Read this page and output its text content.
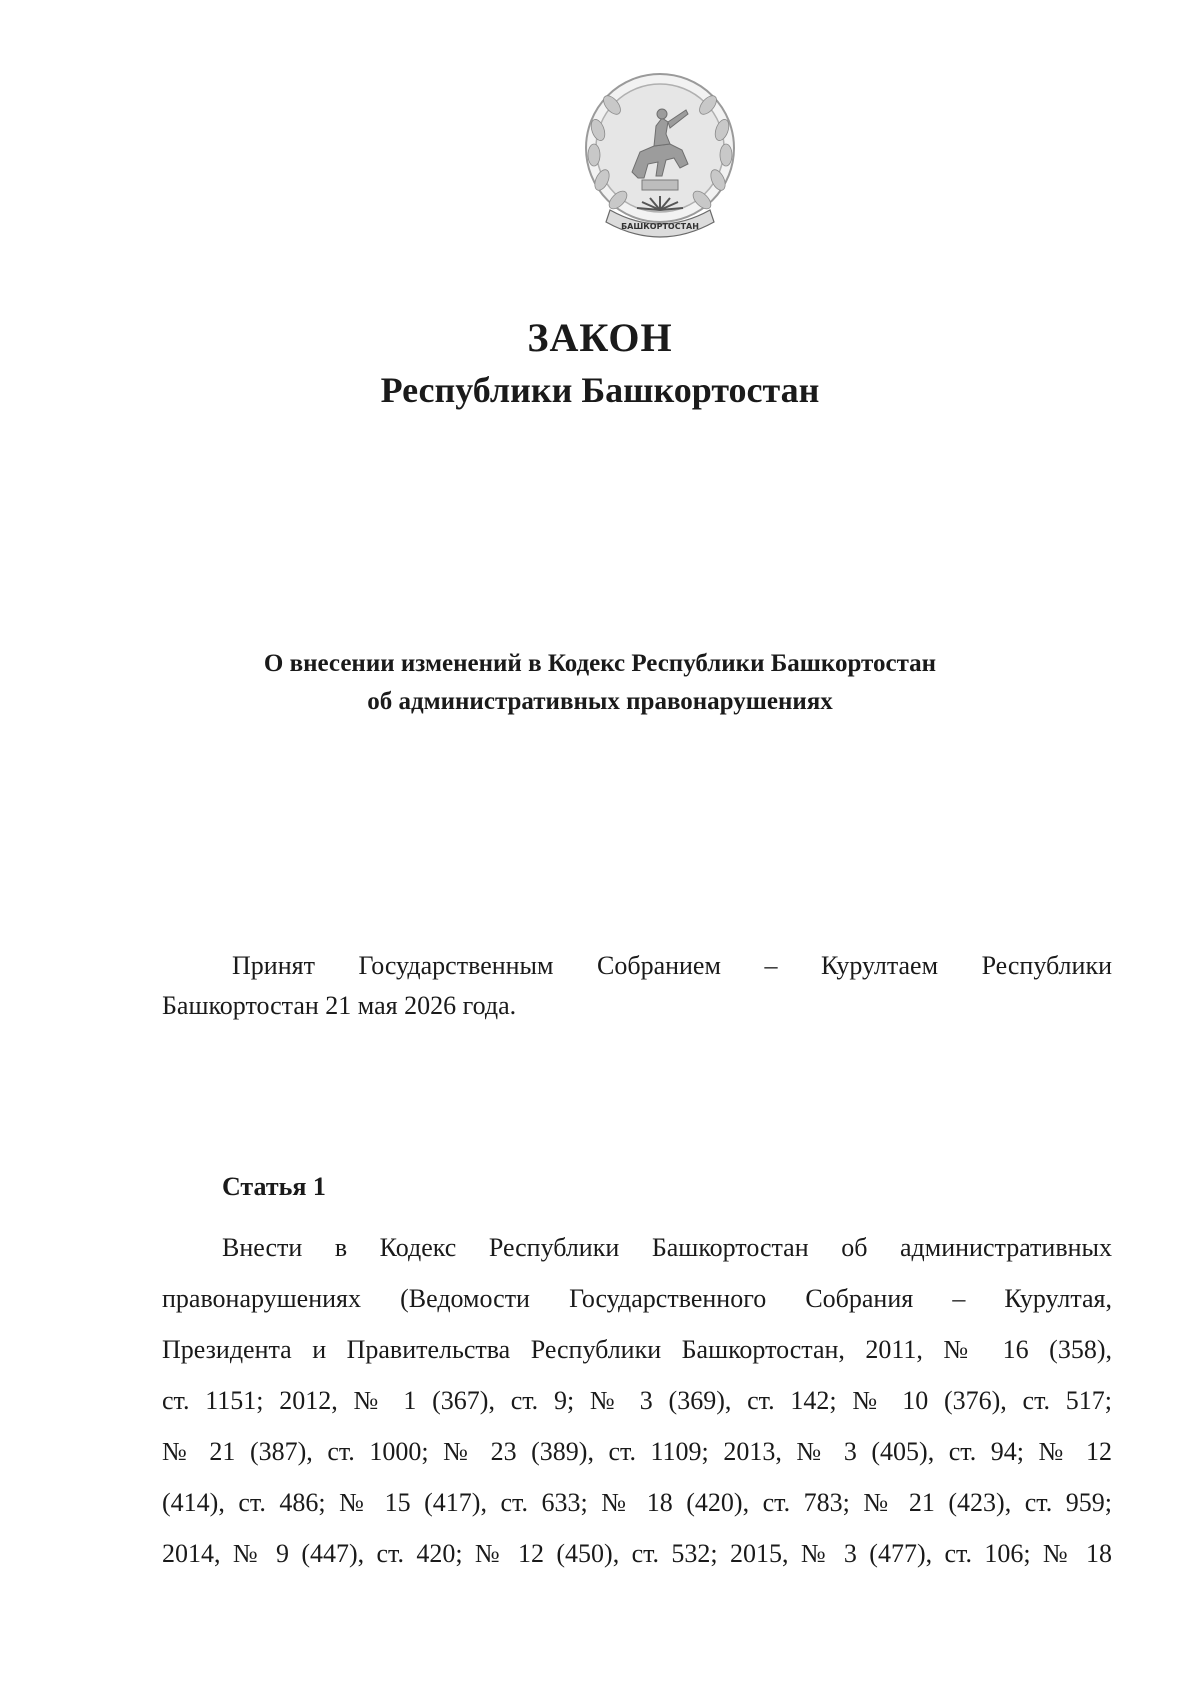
БАШКОРТОСТАН
ЗАКОН
Республики Башкортостан
О внесении изменений в Кодекс Республики Башкортостан
об административных правонарушениях
Принят Государственным Собранием – Курултаем Республики
Башкортостан 21 мая 2026 года.
Статья 1
Внести в Кодекс Республики Башкортостан об административных
правонарушениях (Ведомости Государственного Собрания – Курултая,
Президента и Правительства Республики Башкортостан, 2011, № 16 (358),
ст. 1151; 2012, № 1 (367), ст. 9; № 3 (369), ст. 142; № 10 (376), ст. 517;
№ 21 (387), ст. 1000; № 23 (389), ст. 1109; 2013, № 3 (405), ст. 94; № 12
(414), ст. 486; № 15 (417), ст. 633; № 18 (420), ст. 783; № 21 (423), ст. 959;
2014, № 9 (447), ст. 420; № 12 (450), ст. 532; 2015, № 3 (477), ст. 106; № 18
